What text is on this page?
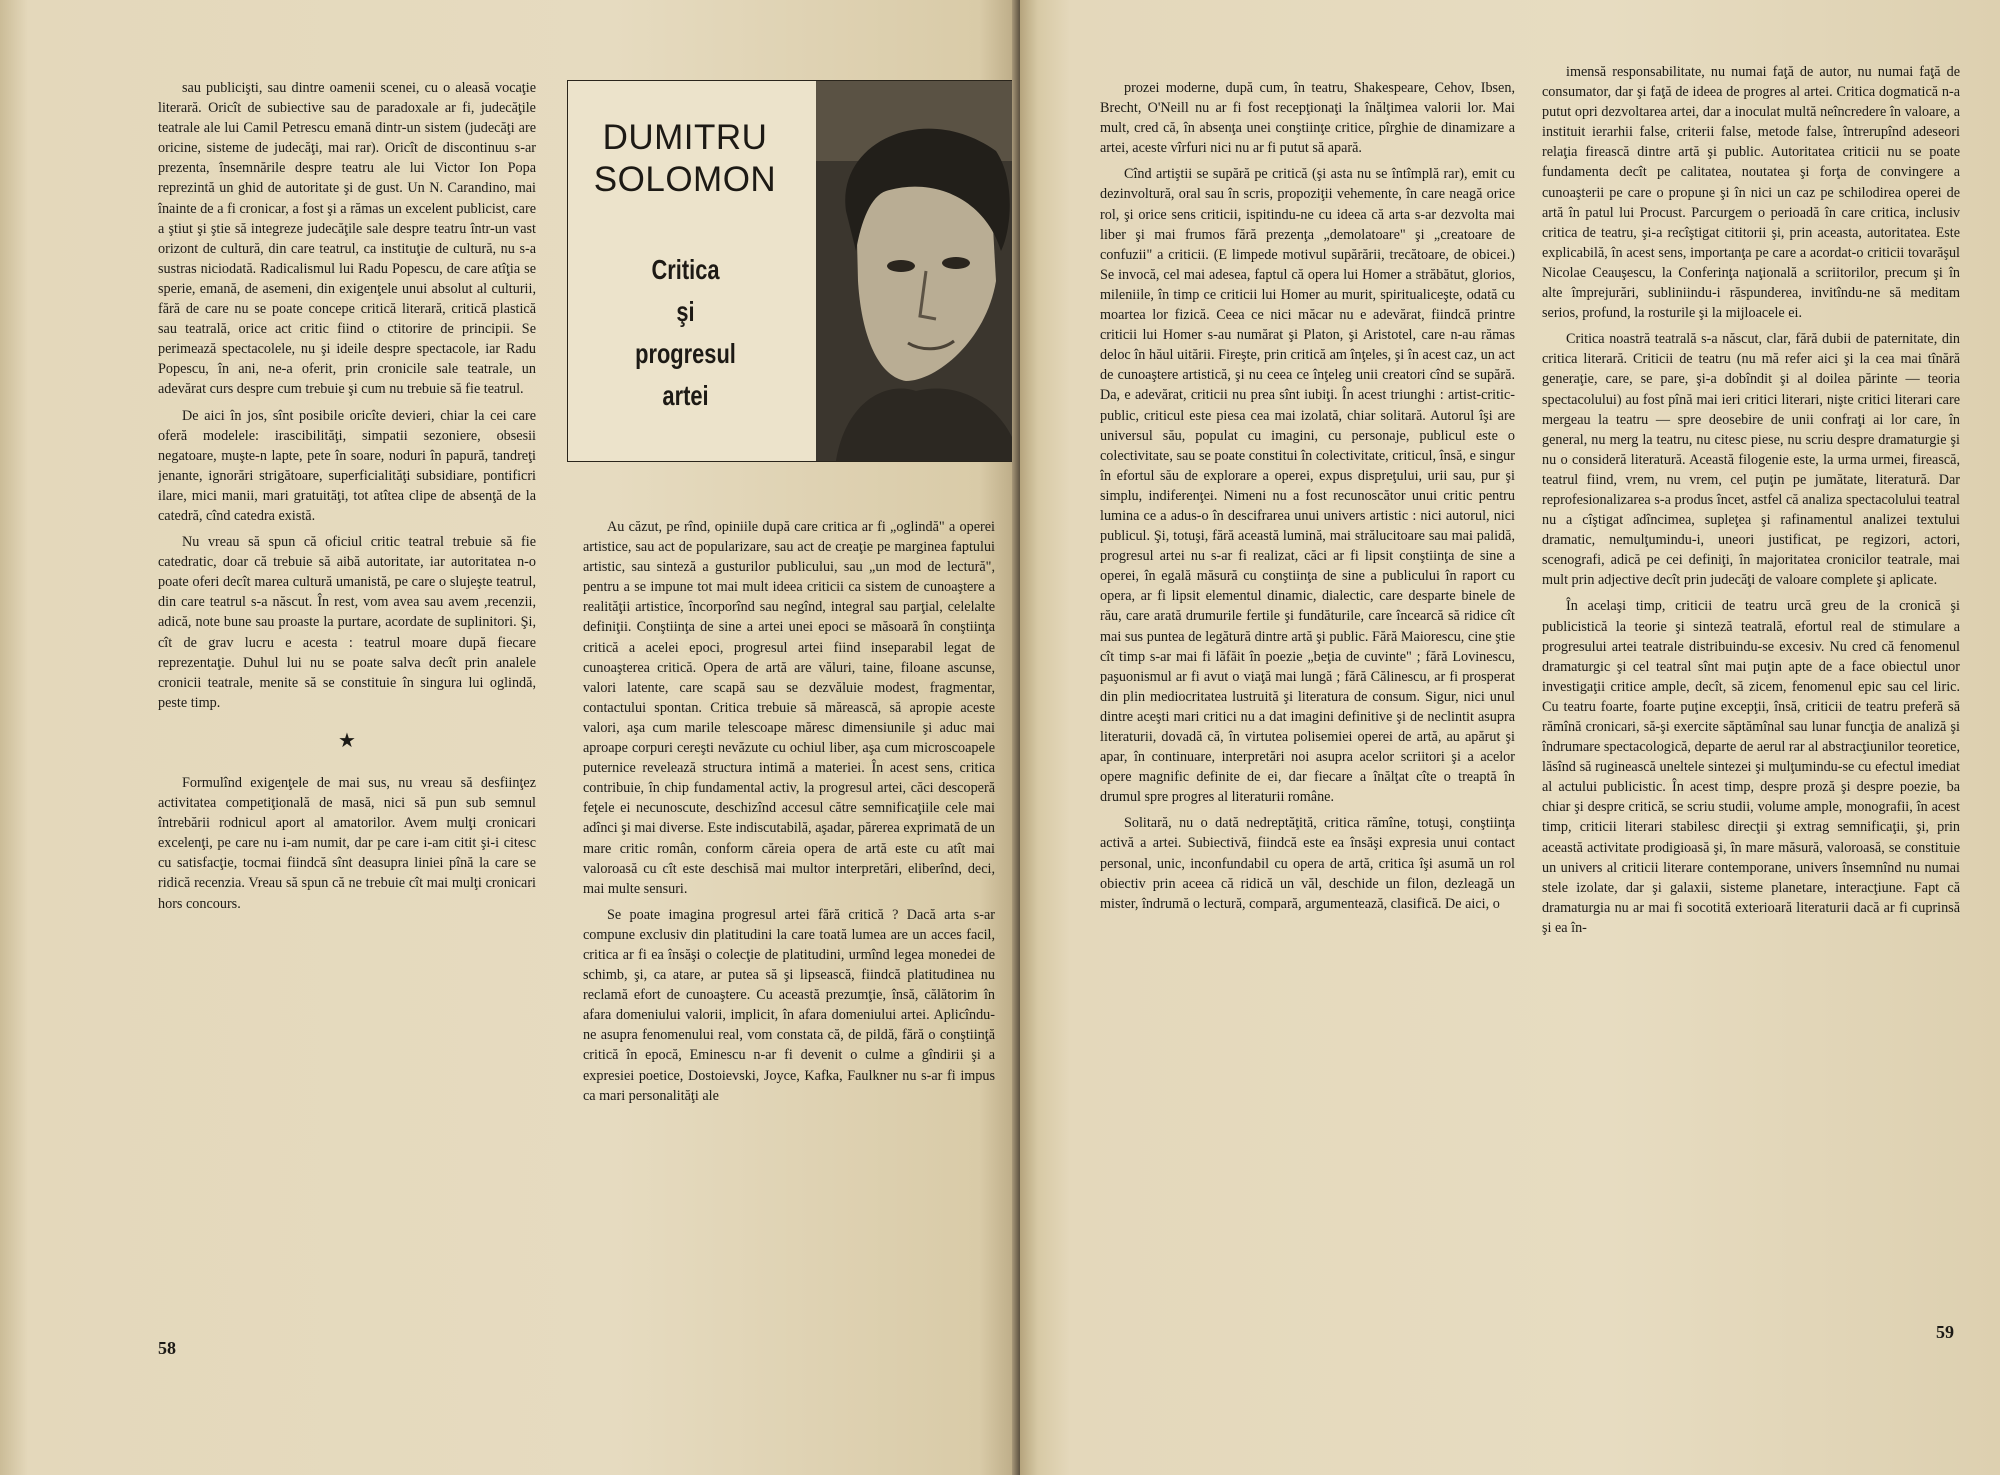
sau publicişti, sau dintre oamenii scenei, cu o aleasă vocaţie literară. Oricît de subiective sau de paradoxale ar fi, judecăţile teatrale ale lui Camil Petrescu emană dintr-un sistem (judecăţi are oricine, sisteme de judecăţi, mai rar). Oricît de discontinuu s-ar prezenta, însemnările despre teatru ale lui Victor Ion Popa reprezintă un ghid de autoritate şi de gust. Un N. Carandino, mai înainte de a fi cronicar, a fost şi a rămas un excelent publicist, care a ştiut şi ştie să integreze judecăţile sale despre teatru într-un vast orizont de cultură, din care teatrul, ca instituţie de cultură, nu s-a sustras niciodată. Radicalismul lui Radu Popescu, de care atîţia se sperie, emană, de asemeni, din exigenţele unui absolut al culturii, fără de care nu se poate concepe critică literară, critică plastică sau teatrală, orice act critic fiind o ctitorire de principii. Se perimează spectacolele, nu şi ideile despre spectacole, iar Radu Popescu, în ani, ne-a oferit, prin cronicile sale teatrale, un adevărat curs despre cum trebuie şi cum nu trebuie să fie teatrul.

De aici în jos, sînt posibile oricîte devieri, chiar la cei care oferă modelele: irascibilităţi, simpatii sezoniere, obsesii negatoare, muşte-n lapte, pete în soare, noduri în papură, tandreţi jenante, ignorări strigătoare, superficialităţi subsidiare, pontificri ilare, mici manii, mari gratuităţi, tot atîtea clipe de absenţă de la catedră, cînd catedra există.

Nu vreau să spun că oficiul critic teatral trebuie să fie catedratic, doar că trebuie să aibă autoritate, iar autoritatea n-o poate oferi decît marea cultură umanistă, pe care o slujeşte teatrul, din care teatrul s-a născut. În rest, vom avea sau avem ,recenzii, adică, note bune sau proaste la purtare, acordate de suplinitori. Şi, cît de grav lucru e acesta : teatrul moare după fiecare reprezentaţie. Duhul lui nu se poate salva decît prin analele cronicii teatrale, menite să se constituie în singura lui oglindă, peste timp.

★

Formulînd exigenţele de mai sus, nu vreau să desfiinţez activitatea competiţională de masă, nici să pun sub semnul întrebării rodnicul aport al amatorilor. Avem mulţi cronicari excelenţi, pe care nu i-am numit, dar pe care i-am citit şi-i citesc cu satisfacţie, tocmai fiindcă sînt deasupra liniei pînă la care se ridică recenzia. Vreau să spun că ne trebuie cît mai mulţi cronicari hors concours.

58
DUMITRU
SOLOMON
Critica
şi
progresul
artei

Au căzut, pe rînd, opiniile după care critica ar fi „oglindă" a operei artistice, sau act de popularizare, sau act de creaţie pe marginea faptului artistic, sau sinteză a gusturilor publicului, sau „un mod de lectură", pentru a se impune tot mai mult ideea criticii ca sistem de cunoaştere a realităţii artistice, încorporînd sau negînd, integral sau parţial, celelalte definiţii. Conştiinţa de sine a artei unei epoci se măsoară în conştiinţa critică a acelei epoci, progresul artei fiind inseparabil legat de cunoaşterea critică. Opera de artă are văluri, taine, filoane ascunse, valori latente, care scapă sau se dezvăluie modest, fragmentar, contactului spontan. Critica trebuie să mărească, să apropie aceste valori, aşa cum marile telescoape măresc dimensiunile şi aduc mai aproape corpuri cereşti nevăzute cu ochiul liber, aşa cum microscoapele puternice revelează structura intimă a materiei. În acest sens, critica contribuie, în chip fundamental activ, la progresul artei, căci descoperă feţele ei necunoscute, deschizînd accesul către semnificaţiile cele mai adînci şi mai diverse. Este indiscutabilă, aşadar, părerea exprimată de un mare critic român, conform căreia opera de artă este cu atît mai valoroasă cu cît este deschisă mai multor interpretări, eliberînd, deci, mai multe sensuri.

Se poate imagina progresul artei fără critică ? Dacă arta s-ar compune exclusiv din platitudini la care toată lumea are un acces facil, critica ar fi ea însăşi o colecţie de platitudini, urmînd legea monedei de schimb, şi, ca atare, ar putea să şi lipsească, fiindcă platitudinea nu reclamă efort de cunoaştere. Cu această prezumţie, însă, călătorim în afara domeniului valorii, implicit, în afara domeniului artei. Aplicîndu-ne asupra fenomenului real, vom constata că, de pildă, fără o conştiinţă critică în epocă, Eminescu n-ar fi devenit o culme a gîndirii şi a expresiei poetice, Dostoievski, Joyce, Kafka, Faulkner nu s-ar fi impus ca mari personalităţi ale

prozei moderne, după cum, în teatru, Shakespeare, Cehov, Ibsen, Brecht, O'Neill nu ar fi fost recepţionaţi la înălţimea valorii lor. Mai mult, cred că, în absenţa unei conştiinţe critice, pîrghie de dinamizare a artei, aceste vîrfuri nici nu ar fi putut să apară.

Cînd artiştii se supără pe critică (şi asta nu se întîmplă rar), emit cu dezinvoltură, oral sau în scris, propoziţii vehemente, în care neagă orice rol, şi orice sens criticii, ispitindu-ne cu ideea că arta s-ar dezvolta mai liber şi mai frumos fără prezenţa „demolatoare" şi „creatoare de confuzii" a criticii. (E limpede motivul supărării, trecătoare, de obicei.) Se invocă, cel mai adesea, faptul că opera lui Homer a străbătut, glorios, mileniile, în timp ce criticii lui Homer au murit, spiritualiceşte, odată cu moartea lor fizică. Ceea ce nici măcar nu e adevărat, fiindcă printre criticii lui Homer s-au numărat şi Platon, şi Aristotel, care n-au rămas deloc în hăul uitării. Fireşte, prin critică am înţeles, şi în acest caz, un act de cunoaştere artistică, şi nu ceea ce înţeleg unii creatori cînd se supără. Da, e adevărat, criticii nu prea sînt iubiţi. În acest triunghi : artist-critic-public, criticul este piesa cea mai izolată, chiar solitară. Autorul îşi are universul său, populat cu imagini, cu personaje, publicul este o colectivitate, sau se poate constitui în colectivitate, criticul, însă, e singur în efortul său de explorare a operei, expus dispreţului, urii sau, pur şi simplu, indiferenţei. Nimeni nu a fost recunoscător unui critic pentru lumina ce a adus-o în descifrarea unui univers artistic : nici autorul, nici publicul. Şi, totuşi, fără această lumină, mai strălucitoare sau mai palidă, progresul artei nu s-ar fi realizat, căci ar fi lipsit conştiinţa de sine a operei, în egală măsură cu conştiinţa de sine a publicului în raport cu opera, ar fi lipsit elementul dinamic, dialectic, care desparte binele de rău, care arată drumurile fertile şi fundăturile, care încearcă să ridice cît mai sus puntea de legătură dintre artă şi public. Fără Maiorescu, cine ştie cît timp s-ar mai fi lăfăit în poezie „beţia de cuvinte" ; fără Lovinescu, paşuonismul ar fi avut o viaţă mai lungă ; fără Călinescu, ar fi prosperat din plin mediocritatea lustruită şi literatura de consum. Sigur, nici unul dintre aceşti mari critici nu a dat imagini definitive şi de neclintit asupra literaturii, dovadă că, în virtutea polisemiei operei de artă, au apărut şi apar, în continuare, interpretări noi asupra acelor scriitori şi a acelor opere magnific definite de ei, dar fiecare a înălţat cîte o treaptă în drumul spre progres al literaturii române.

Solitară, nu o dată nedreptăţită, critica rămîne, totuşi, conştiinţa activă a artei. Subiectivă, fiindcă este ea însăşi expresia unui contact personal, unic, inconfundabil cu opera de artă, critica îşi asumă un rol obiectiv prin aceea că ridică un văl, deschide un filon, dezleagă un mister, îndrumă o lectură, compară, argumentează, clasifică. De aici, o

imensă responsabilitate, nu numai faţă de autor, nu numai faţă de consumator, dar şi faţă de ideea de progres al artei. Critica dogmatică n-a putut opri dezvoltarea artei, dar a inoculat multă neîncredere în valoare, a instituit ierarhii false, criterii false, metode false, întrerupînd adeseori relaţia firească dintre artă şi public. Autoritatea criticii nu se poate fundamenta decît pe calitatea, noutatea şi forţa de convingere a cunoaşterii pe care o propune şi în nici un caz pe schilodirea operei de artă în patul lui Procust. Parcurgem o perioadă în care critica, inclusiv critica de teatru, şi-a recîştigat cititorii şi, prin aceasta, autoritatea. Este explicabilă, în acest sens, importanţa pe care a acordat-o criticii tovarăşul Nicolae Ceauşescu, la Conferinţa naţională a scriitorilor, precum şi în alte împrejurări, subliniindu-i răspunderea, invitîndu-ne să meditam serios, profund, la rosturile şi la mijloacele ei.

Critica noastră teatrală s-a născut, clar, fără dubii de paternitate, din critica literară. Criticii de teatru (nu mă refer aici şi la cea mai tînără generaţie, care, se pare, şi-a dobîndit şi al doilea părinte — teoria spectacolului) au fost pînă mai ieri critici literari, nişte critici literari care mergeau la teatru — spre deosebire de unii confraţi ai lor care, în general, nu merg la teatru, nu citesc piese, nu scriu despre dramaturgie şi nu o consideră literatură. Această filogenie este, la urma urmei, firească, teatrul fiind, vrem, nu vrem, cel puţin pe jumătate, literatură. Dar reprofesionalizarea s-a produs încet, astfel că analiza spectacolului teatral nu a cîştigat adîncimea, supleţea şi rafinamentul analizei textului dramatic, nemulţumindu-i, uneori justificat, pe regizori, actori, scenografi, adică pe cei definiţi, în majoritatea cronicilor teatrale, mai mult prin adjective decît prin judecăţi de valoare complete şi aplicate.

În acelaşi timp, criticii de teatru urcă greu de la cronică şi publicistică la teorie şi sinteză teatrală, efortul real de stimulare a progresului artei teatrale distribuindu-se excesiv. Nu cred că fenomenul dramaturgic şi cel teatral sînt mai puţin apte de a face obiectul unor investigaţii critice ample, decît, să zicem, fenomenul epic sau cel liric. Cu teatru foarte, foarte puţine excepţii, însă, criticii de teatru preferă să rămînă cronicari, să-şi exercite săptămînal sau lunar funcţia de analiză şi îndrumare spectacologică, departe de aerul rar al abstracţiunilor teoretice, lăsînd să ruginească uneltele sintezei şi mulţumindu-se cu efectul imediat al actului publicistic. În acest timp, despre proză şi despre poezie, ba chiar şi despre critică, se scriu studii, volume ample, monografii, în acest timp, criticii literari stabilesc direcţii şi extrag semnificaţii, şi, prin această activitate prodigioasă şi, în mare măsură, valoroasă, se constituie un univers al criticii literare contemporane, univers însemnînd nu numai stele izolate, dar şi galaxii, sisteme planetare, interacţiune. Fapt că dramaturgia nu ar mai fi socotită exterioară literaturii dacă ar fi cuprinsă şi ea în-

59
